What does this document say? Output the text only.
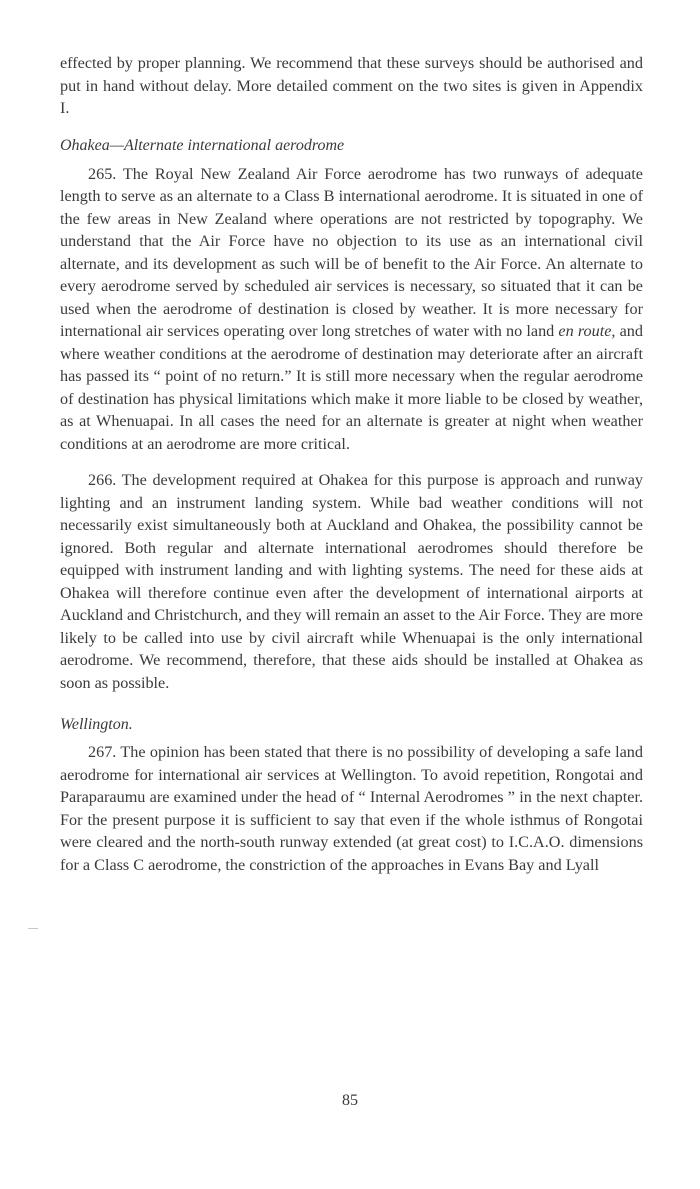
effected by proper planning. We recommend that these surveys should be authorised and put in hand without delay. More detailed comment on the two sites is given in Appendix I.

Ohakea—Alternate international aerodrome

265. The Royal New Zealand Air Force aerodrome has two runways of adequate length to serve as an alternate to a Class B international aerodrome. It is situated in one of the few areas in New Zealand where operations are not restricted by topography. We understand that the Air Force have no objection to its use as an international civil alternate, and its development as such will be of benefit to the Air Force. An alternate to every aerodrome served by scheduled air services is necessary, so situated that it can be used when the aerodrome of destination is closed by weather. It is more necessary for international air services operating over long stretches of water with no land en route, and where weather conditions at the aerodrome of destination may deteriorate after an aircraft has passed its “ point of no return.” It is still more necessary when the regular aerodrome of destination has physical limitations which make it more liable to be closed by weather, as at Whenuapai. In all cases the need for an alternate is greater at night when weather conditions at an aerodrome are more critical.

266. The development required at Ohakea for this purpose is approach and runway lighting and an instrument landing system. While bad weather conditions will not necessarily exist simultaneously both at Auckland and Ohakea, the possibility cannot be ignored. Both regular and alternate international aerodromes should therefore be equipped with instrument landing and with lighting systems. The need for these aids at Ohakea will therefore continue even after the development of international airports at Auckland and Christchurch, and they will remain an asset to the Air Force. They are more likely to be called into use by civil aircraft while Whenuapai is the only international aerodrome. We recommend, therefore, that these aids should be installed at Ohakea as soon as possible.

Wellington.

267. The opinion has been stated that there is no possibility of developing a safe land aerodrome for international air services at Wellington. To avoid repetition, Rongotai and Paraparaumu are examined under the head of “ Internal Aerodromes ” in the next chapter. For the present purpose it is sufficient to say that even if the whole isthmus of Rongotai were cleared and the north-south runway extended (at great cost) to I.C.A.O. dimensions for a Class C aerodrome, the constriction of the approaches in Evans Bay and Lyall

85
